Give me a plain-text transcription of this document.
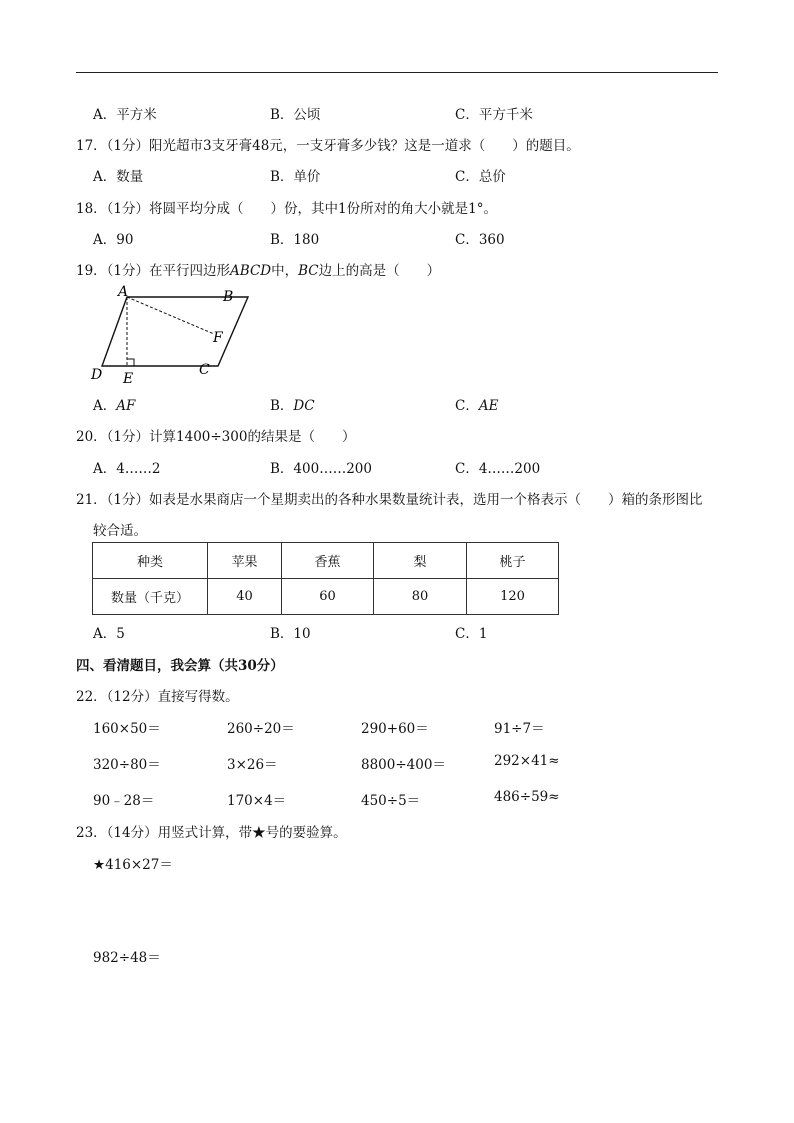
A．平方米	B．公顷	C．平方千米
17．（1分）阳光超市3支牙膏48元，一支牙膏多少钱？这是一道求（　　）的题目。
A．数量	B．单价	C．总价
18．（1分）将圆平均分成（　　）份，其中1份所对的角大小就是1°。
A．90	B．180	C．360
19．（1分）在平行四边形ABCD中，BC边上的高是（　　）
A	B
C
D E
F
A．AF	B．DC	C．AE
20．（1分）计算1400÷300的结果是（　　）
A．4……2	B．400……200	C．4……200
21．（1分）如表是水果商店一个星期卖出的各种水果数量统计表，选用一个格表示（　　）箱的条形图比
较合适。
种类	苹果	香蕉	梨	桃子
数量（千克）	40	60	80	120
A．5	B．10	C．1
四、看清题目，我会算（共30分）
22．（12分）直接写得数。
160×50＝	260÷20＝	290+60＝	91÷7＝
320÷80＝	3×26＝	8800÷400＝	292×41≈
90﹣28＝	170×4＝	450÷5＝	486÷59≈
23．（14分）用竖式计算，带★号的要验算。
★416×27＝
982÷48＝
